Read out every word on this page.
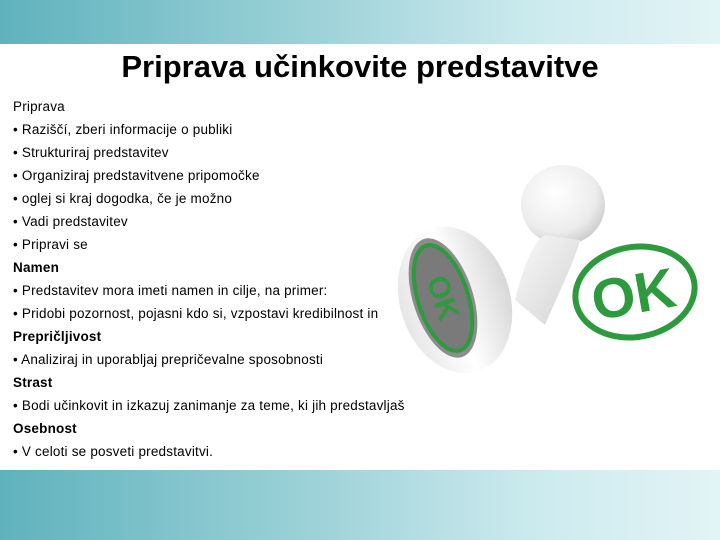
Priprava učinkovite predstavitve
Priprava
• Raziščí, zberi informacije o publiki
• Strukturiraj predstavitev
• Organiziraj predstavitvene pripomočke
• oglej si kraj dogodka, če je možno
• Vadi predstavitev
• Pripravi se
Namen
• Predstavitev mora imeti namen in cilje, na primer:
• Pridobi pozornost, pojasni kdo si, vzpostavi kredibilnost in
Prepričljivost
• Analiziraj in uporabljaj prepričevalne sposobnosti
Strast
• Bodi učinkovit in izkazuj zanimanje za teme, ki jih predstavljaš
Osebnost
• V celoti se posveti predstavitvi.
OK OK
